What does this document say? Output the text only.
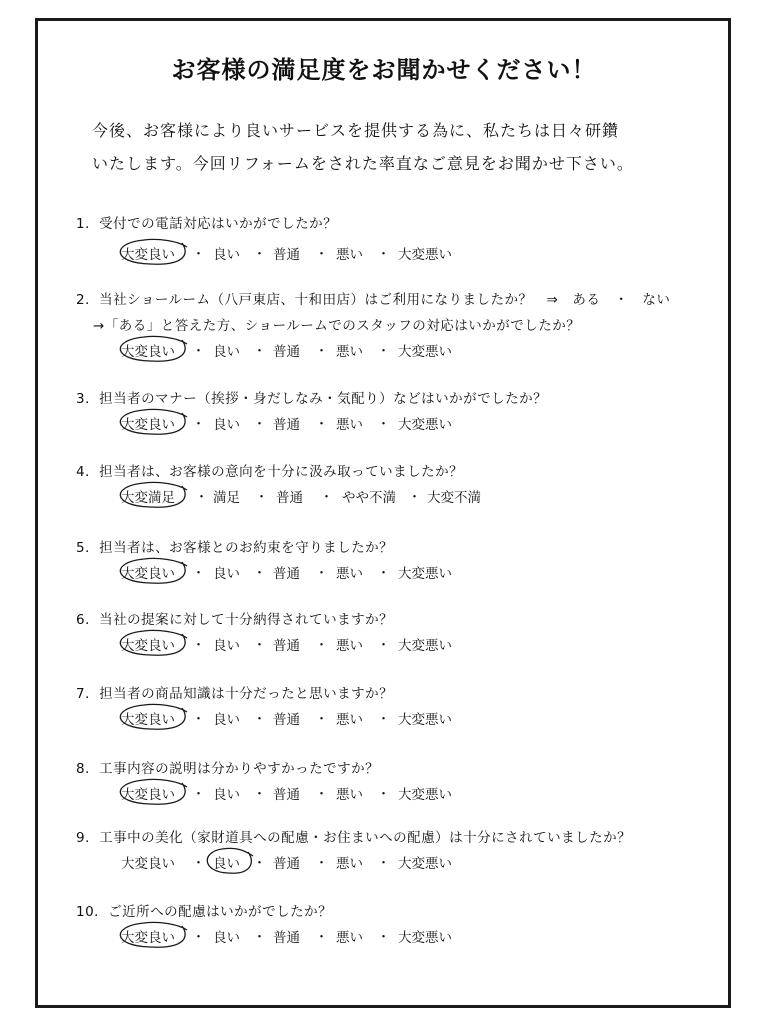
お客様の満足度をお聞かせください！
今後、お客様により良いサービスを提供する為に、私たちは日々研鑽
いたします。今回リフォームをされた率直なご意見をお聞かせ下さい。
1．受付での電話対応はいかがでしたか？
大変良い ・ 良い ・ 普通 ・ 悪い ・ 大変悪い
2．当社ショールーム（八戸東店、十和田店）はご利用になりましたか？　⇒　ある　・　ない
→「ある」と答えた方、ショールームでのスタッフの対応はいかがでしたか？
大変良い ・ 良い ・ 普通 ・ 悪い ・ 大変悪い
3．担当者のマナー（挨拶・身だしなみ・気配り）などはいかがでしたか？
大変良い ・ 良い ・ 普通 ・ 悪い ・ 大変悪い
4．担当者は、お客様の意向を十分に汲み取っていましたか？
大変満足 ・ 満足 ・ 普通 ・ やや不満 ・ 大変不満
5．担当者は、お客様とのお約束を守りましたか？
大変良い ・ 良い ・ 普通 ・ 悪い ・ 大変悪い
6．当社の提案に対して十分納得されていますか？
大変良い ・ 良い ・ 普通 ・ 悪い ・ 大変悪い
7．担当者の商品知識は十分だったと思いますか？
大変良い ・ 良い ・ 普通 ・ 悪い ・ 大変悪い
8．工事内容の説明は分かりやすかったですか？
大変良い ・ 良い ・ 普通 ・ 悪い ・ 大変悪い
9．工事中の美化（家財道具への配慮・お住まいへの配慮）は十分にされていましたか？
大変良い ・ 良い ・ 普通 ・ 悪い ・ 大変悪い
10．ご近所への配慮はいかがでしたか？
大変良い ・ 良い ・ 普通 ・ 悪い ・ 大変悪い
